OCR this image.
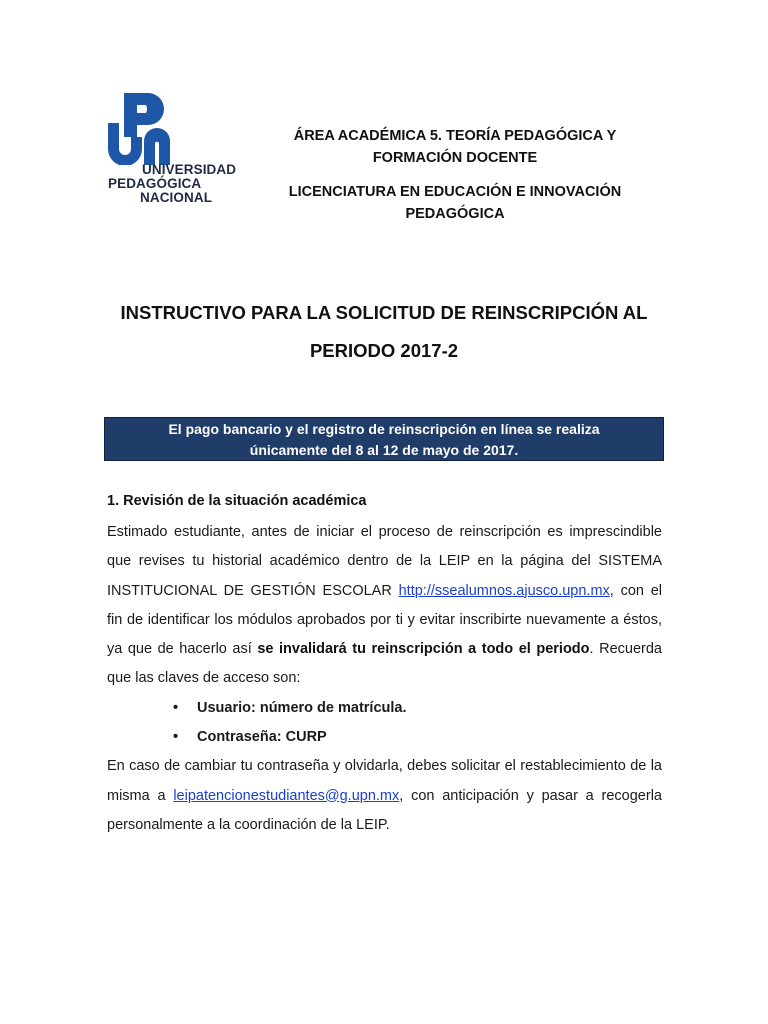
UNIVERSIDAD
PEDAGÓGICA
NACIONAL
ÁREA ACADÉMICA 5. TEORÍA PEDAGÓGICA Y
FORMACIÓN DOCENTE
LICENCIATURA EN EDUCACIÓN E INNOVACIÓN
PEDAGÓGICA
INSTRUCTIVO PARA LA SOLICITUD DE REINSCRIPCIÓN AL
PERIODO 2017-2
El pago bancario y el registro de reinscripción en línea se realiza
únicamente del 8 al 12 de mayo de 2017.
1. Revisión de la situación académica

Estimado estudiante, antes de iniciar el proceso de reinscripción es imprescindible que revises tu historial académico dentro de la LEIP en la página del SISTEMA INSTITUCIONAL DE GESTIÓN ESCOLAR http://ssealumnos.ajusco.upn.mx, con el fin de identificar los módulos aprobados por ti y evitar inscribirte nuevamente a éstos, ya que de hacerlo así se invalidará tu reinscripción a todo el periodo. Recuerda que las claves de acceso son:

• Usuario: número de matrícula.
• Contraseña: CURP

En caso de cambiar tu contraseña y olvidarla, debes solicitar el restablecimiento de la misma a leipatencionestudiantes@g.upn.mx, con anticipación y pasar a recogerla personalmente a la coordinación de la LEIP.
